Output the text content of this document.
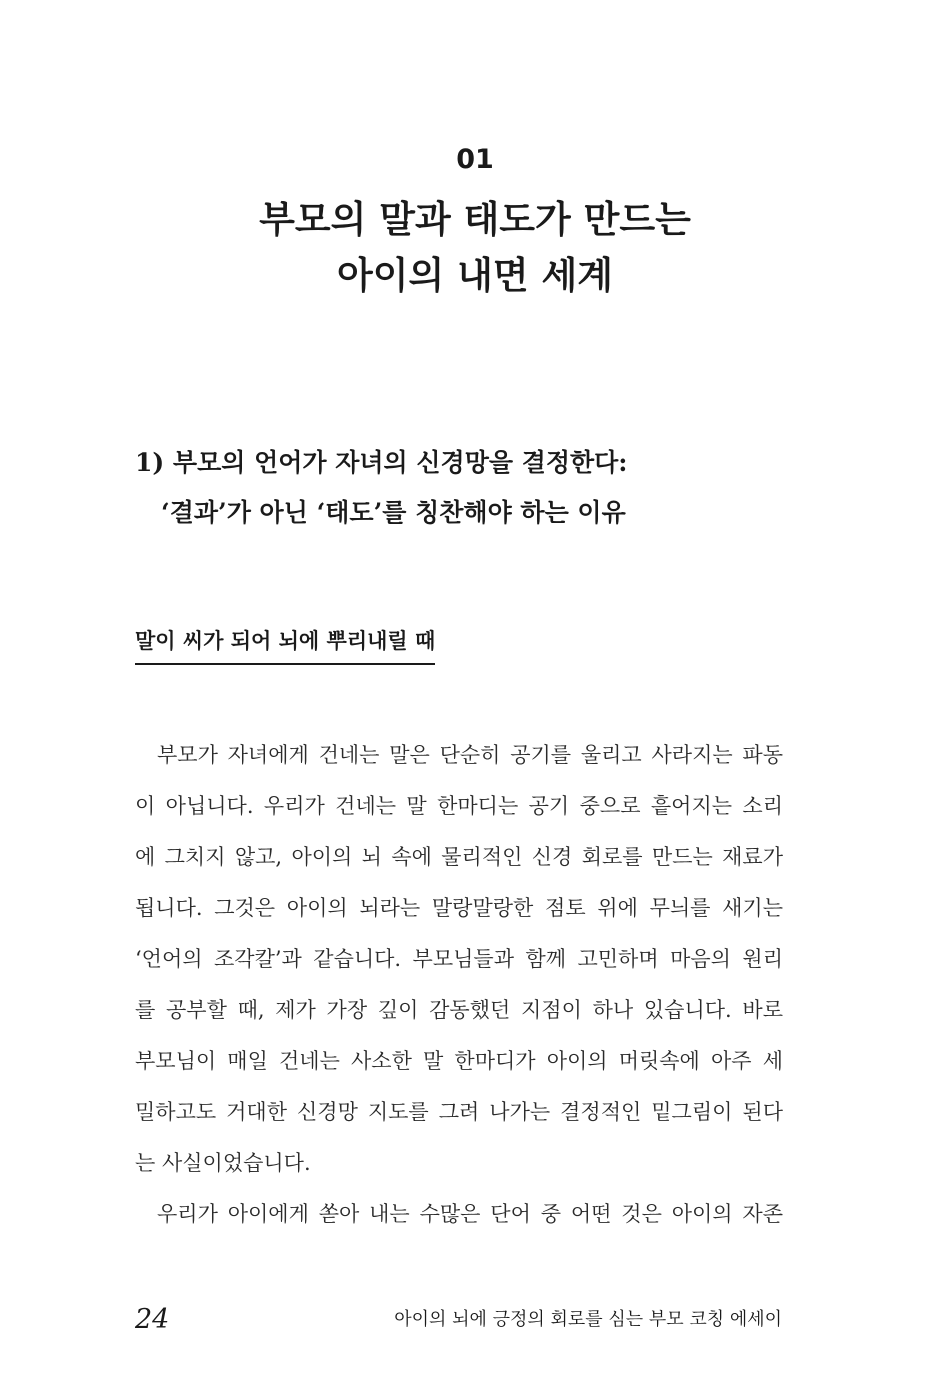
01
부모의 말과 태도가 만드는
아이의 내면 세계
1) 부모의 언어가 자녀의 신경망을 결정한다:
‘결과’가 아닌 ‘태도’를 칭찬해야 하는 이유
말이 씨가 되어 뇌에 뿌리내릴 때
부모가 자녀에게 건네는 말은 단순히 공기를 울리고 사라지는 파동
이 아닙니다. 우리가 건네는 말 한마디는 공기 중으로 흩어지는 소리
에 그치지 않고, 아이의 뇌 속에 물리적인 신경 회로를 만드는 재료가
됩니다. 그것은 아이의 뇌라는 말랑말랑한 점토 위에 무늬를 새기는
‘언어의 조각칼’과 같습니다. 부모님들과 함께 고민하며 마음의 원리
를 공부할 때, 제가 가장 깊이 감동했던 지점이 하나 있습니다. 바로
부모님이 매일 건네는 사소한 말 한마디가 아이의 머릿속에 아주 세
밀하고도 거대한 신경망 지도를 그려 나가는 결정적인 밑그림이 된다
는 사실이었습니다.
우리가 아이에게 쏟아 내는 수많은 단어 중 어떤 것은 아이의 자존
24	아이의 뇌에 긍정의 회로를 심는 부모 코칭 에세이
